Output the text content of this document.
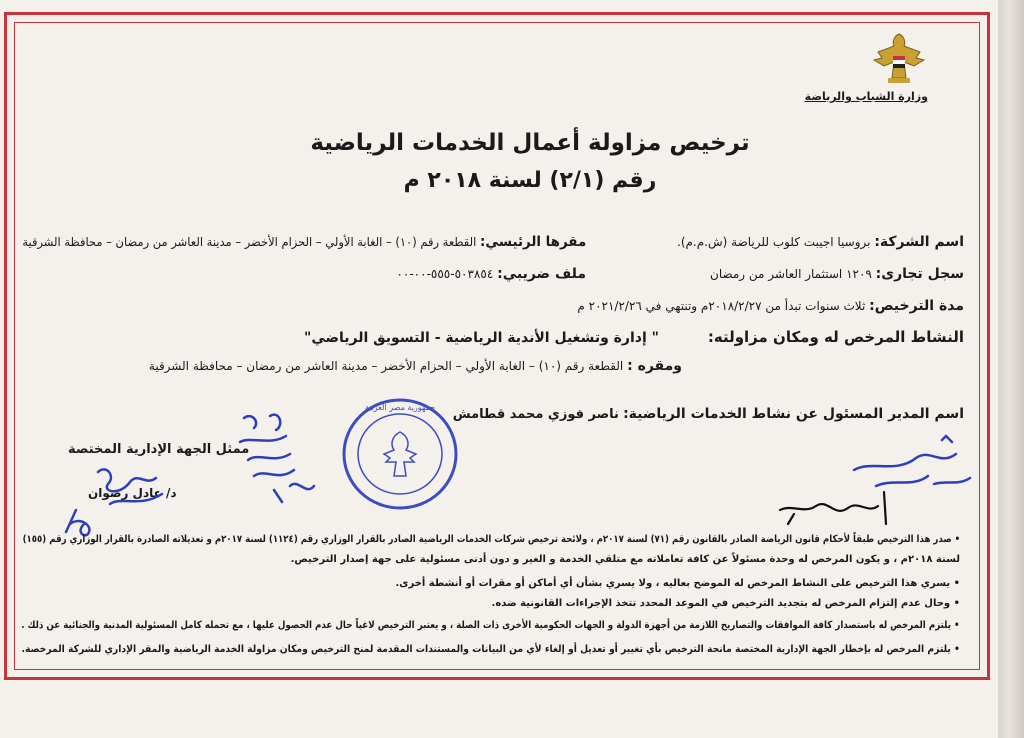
وزارة الشباب والرياضة
ترخيص مزاولة أعمال الخدمات الرياضية
رقم (٢/١) لسنة ٢٠١٨ م
اسم الشركة: بروسيا اجيبت كلوب للرياضة (ش.م.م).
مقرها الرئيسي: القطعة رقم (١٠) – الغابة الأولي – الحزام الأخضر – مدينة العاشر من رمضان – محافظة الشرقية
سجل تجارى: ١٢٠٩ استثمار العاشر من رمضان
ملف ضريبي: ٥٠٣٨٥٤-٥٥٥-٠٠-٠٠
مدة الترخيص: ثلاث سنوات تبدأ من ٢٠١٨/٢/٢٧م وتنتهي في ٢٠٢١/٢/٢٦ م
النشاط المرخص له ومكان مزاولته:  " إدارة وتشغيل الأندية الرياضية - التسويق الرياضي"
ومقره : القطعة رقم (١٠) – الغابة الأولي – الحزام الأخضر – مدينة العاشر من رمضان – محافظة الشرقية
اسم المدير المسئول عن نشاط الخدمات الرياضية: ناصر فوزي محمد قطامش
ممثل الجهة الإدارية المختصة
د/ عادل رضوان
جمهورية مصر العربية
• صدر هذا الترخيص طبقاً لأحكام قانون الرياضة الصادر بالقانون رقم (٧١) لسنة ٢٠١٧م ، ولائحة ترخيص شركات الخدمات الرياضية الصادر بالقرار الوزاري رقم (١١٢٤) لسنة ٢٠١٧م و تعديلاته الصادرة بالقرار الوزاري رقم (١٥٥)
لسنة ٢٠١٨م ، و يكون المرخص له وحدة مسئولاً عن كافة تعاملاته مع متلقي الخدمة و الغير و دون أدنى مسئولية على جهة إصدار الترخيص.
• يسري هذا الترخيص على النشاط المرخص له الموضح بعاليه ، ولا يسري بشأن أي أماكن أو مقرات أو أنشطة أخرى.
• وحال عدم إلتزام المرخص له بتجديد الترخيص في الموعد المحدد تتخذ الإجراءات القانونية ضده.
• يلتزم المرخص له باستصدار كافة الموافقات والتصاريح اللازمة من أجهزة الدولة و الجهات الحكومية الأخرى ذات الصلة ، و يعتبر الترخيص لاغياً حال عدم الحصول عليها ، مع تحمله كامل المسئولية المدنية والجنائية عن ذلك .
• يلتزم المرخص له بإخطار الجهة الإدارية المختصة مانحة الترخيص بأي تغيير أو تعديل أو إلغاء لأي من البيانات والمستندات المقدمة لمنح الترخيص ومكان مزاولة الخدمة الرياضية والمقر الإداري للشركة المرخصة.
